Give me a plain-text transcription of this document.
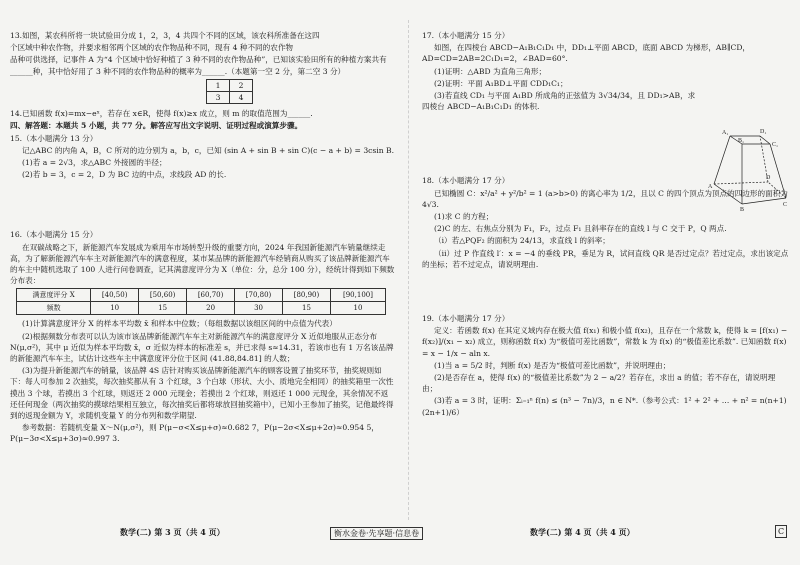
13.如图，某农科所将一块试验田分成 1，2，3，4 共四个不同的区域，该农科所准备在这四

个区域中种农作物，并要求相邻两个区域的农作物品种不同，现有 4 种不同的农作物

品种可供选择，记事件 A 为“4 个区域中恰好种植了 3 种不同的农作物品种”，已知该实验田所有的种植方案共有______种，其中恰好用了 3 种不同的农作物品种的概率为______.（本题第一空 2 分，第二空 3 分）

1	2
3	4

14.已知函数 f(x)=mx−eˣ，若存在 x∈R，使得 f(x)≥x 成立，则 m 的取值范围为______.

四、解答题：本题共 5 小题，共 77 分。解答应写出文字说明、证明过程或演算步骤。

15.（本小题满分 13 分）

记△ABC 的内角 A，B，C 所对的边分别为 a，b，c，已知 (sin A + sin B + sin C)(c − a + b) = 3csin B.

(1)若 a = 2√3，求△ABC 外接圆的半径；

(2)若 b = 3，c = 2，D 为 BC 边的中点，求线段 AD 的长.

16.（本小题满分 15 分）

在双碳战略之下，新能源汽车发展成为乘用车市场转型升级的重要方向，2024 年我国新能源汽车销量继续走高，为了解新能源汽车车主对新能源汽车的满意程度，某市某品牌的新能源汽车经销商从购买了该品牌新能源汽车的车主中随机选取了 100 人进行问卷调查，记其满意度评分为 X（单位：分，总分 100 分），经统计得到如下频数分布表：

满意度评分 X	[40,50)	[50,60)	[60,70)	[70,80)	[80,90)	[90,100]
频数	10	15	20	30	15	10

(1)计算满意度评分 X 的样本平均数 x̄ 和样本中位数；（每组数据以该组区间的中点值为代表）

(2)根据频数分布表可以认为该市该品牌新能源汽车车主对新能源汽车的满意度评分 X 近似地服从正态分布 N(μ,σ²)，其中 μ 近似为样本平均数 x̄，σ 近似为样本的标准差 s，并已求得 s≈14.31，若该市也有 1 万名该品牌的新能源汽车车主，试估计这些车主中满意度评分位于区间 (41.88,84.81] 的人数；

(3)为提升新能源汽车的销量，该品牌 4S 店针对购买该品牌新能源汽车的顾客设置了抽奖环节，抽奖规则如下：每人可参加 2 次抽奖，每次抽奖都从有 3 个红球，3 个白球（形状、大小、质地完全相同）的抽奖箱里一次性摸出 3 个球，若摸出 3 个红球，则返还 2 000 元现金；若摸出 2 个红球，则返还 1 000 元现金，其余情况不返还任何现金（两次抽奖的摸球结果相互独立，每次抽奖后都将球放回抽奖箱中），已知小王参加了抽奖，记他最终得到的返现金额为 Y，求随机变量 Y 的分布列和数学期望.

参考数据：若随机变量 X～N(μ,σ²)，则 P(μ−σ<X≤μ+σ)≈0.682 7，P(μ−2σ<X≤μ+2σ)≈0.954 5，P(μ−3σ<X≤μ+3σ)≈0.997 3.

17.（本小题满分 15 分）

如图，在四棱台 ABCD−A₁B₁C₁D₁ 中，DD₁⊥平面 ABCD，底面 ABCD 为梯形，AB∥CD，AD=CD=2AB=2C₁D₁=2，∠BAD=60°.

(1)证明：△ABD 为直角三角形；

(2)证明：平面 A₁BD⊥平面 CDD₁C₁；

(3)若直线 CD₁ 与平面 A₁BD 所成角的正弦值为 3√34/34，且 DD₁>AB，求四棱台 ABCD−A₁B₁C₁D₁ 的体积.

18.（本小题满分 17 分）

已知椭圆 C：x²/a² + y²/b² = 1 (a>b>0) 的离心率为 1/2，且以 C 的四个顶点为顶点的四边形的面积为 4√3.

(1)求 C 的方程；

(2)C 的左、右焦点分别为 F₁，F₂，过点 F₁ 且斜率存在的直线 l 与 C 交于 P，Q 两点.

（ⅰ）若△PQF₂ 的面积为 24/13，求直线 l 的斜率；

（ⅱ）过 P 作直线 l′：x = −4 的垂线 PR，垂足为 R，试问直线 QR 是否过定点？若过定点，求出该定点的坐标；若不过定点，请说明理由.

19.（本小题满分 17 分）

定义：若函数 f(x) 在其定义域内存在极大值 f(x₁) 和极小值 f(x₂)，且存在一个常数 k，使得 k = [f(x₁) − f(x₂)]/(x₁ − x₂) 成立，则称函数 f(x) 为“极值可差比函数”，常数 k 为 f(x) 的“极值差比系数”. 已知函数 f(x) = x − 1/x − aln x.

(1)当 a = 5/2 时，判断 f(x) 是否为“极值可差比函数”，并说明理由；

(2)是否存在 a，使得 f(x) 的“极值差比系数”为 2 − a/2？若存在，求出 a 的值；若不存在，请说明理由；

(3)若 a = 3 时，证明：Σᵢ₌₁ⁿ f(n) ≤ (n³ − 7n)/3，n ∈ N*.（参考公式：1² + 2² + … + n² = n(n+1)(2n+1)/6）

A₁
B₁
C₁
D₁
A
B
C
D
数学(二) 第 3 页（共 4 页）	衡水金卷·先享题·信息卷	数学(二) 第 4 页（共 4 页）	C
